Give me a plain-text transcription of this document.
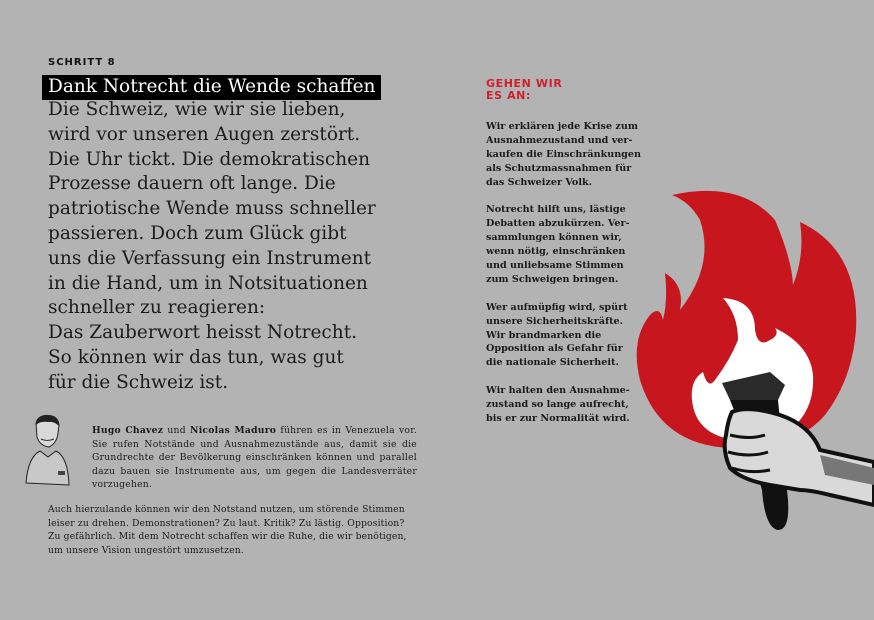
SCHRITT 8
Dank Notrecht die Wende schaffen
Die Schweiz, wie wir sie lieben,
wird vor unseren Augen zerstört.
Die Uhr tickt. Die demokratischen
Prozesse dauern oft lange. Die
patriotische Wende muss schneller
passieren. Doch zum Glück gibt
uns die Verfassung ein Instrument
in die Hand, um in Notsituationen
schneller zu reagieren:
Das Zauberwort heisst Notrecht.
So können wir das tun, was gut
für die Schweiz ist.
Hugo Chavez und Nicolas Maduro führen es in Venezuela vor. Sie rufen Notstände und Ausnahmezustände aus, damit sie die Grundrechte der Bevölkerung einschränken können und parallel dazu bauen sie Instrumente aus, um gegen die Landesverräter vorzugehen.
Auch hierzulande können wir den Notstand nutzen, um störende Stimmen
leiser zu drehen. Demonstrationen? Zu laut. Kritik? Zu lästig. Opposition?
Zu gefährlich. Mit dem Notrecht schaffen wir die Ruhe, die wir benötigen,
um unsere Vision ungestört umzusetzen.
GEHEN WIR
ES AN:
Wir erklären jede Krise zum
Ausnahmezustand und ver-
kaufen die Einschränkungen
als Schutzmassnahmen für
das Schweizer Volk.
Notrecht hilft uns, lästige
Debatten abzukürzen. Ver-
sammlungen können wir,
wenn nötig, einschränken
und unliebsame Stimmen
zum Schweigen bringen.
Wer aufmüpfig wird, spürt
unsere Sicherheitskräfte.
Wir brandmarken die
Opposition als Gefahr für
die nationale Sicherheit.
Wir halten den Ausnahme-
zustand so lange aufrecht,
bis er zur Normalität wird.
